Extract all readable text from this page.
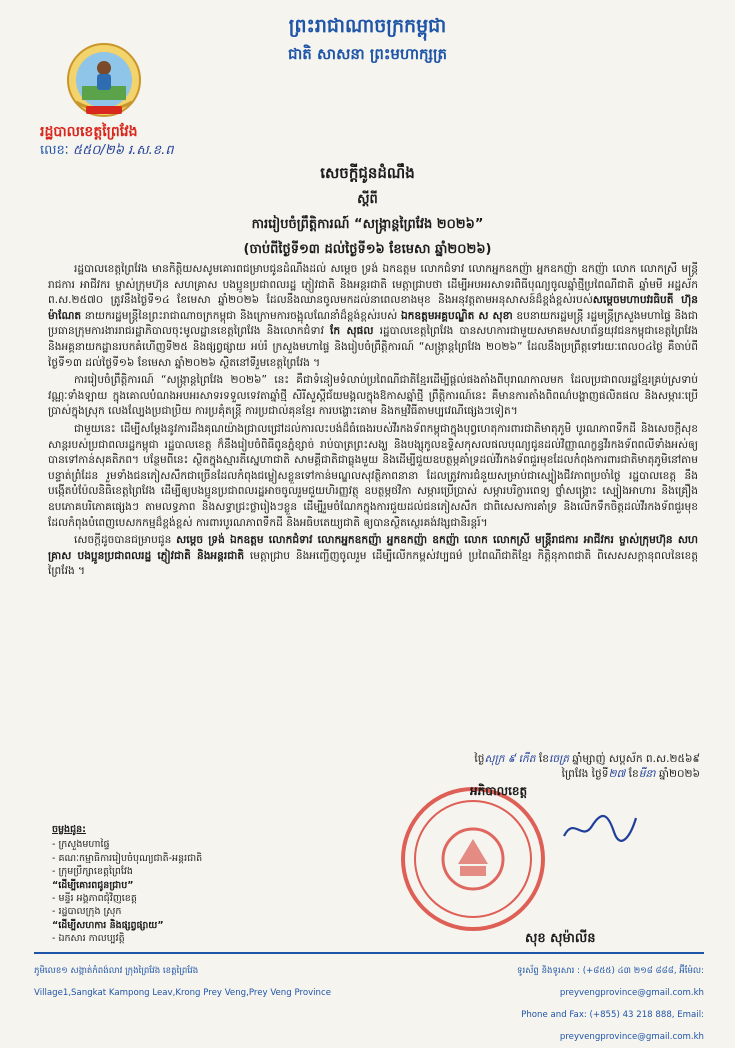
ព្រះរាជាណាចក្រកម្ពុជា
ជាតិ សាសនា ព្រះមហាក្សត្រ
រដ្ឋបាលខេត្តព្រៃវែង
លេខៈ ៥៥០/២៦ រ.ស.ខ.ព
សេចក្តីជូនដំណឹង
ស្តីពី
ការរៀបចំព្រឹត្តិការណ៍ “សង្ក្រាន្តព្រៃវែង ២០២៦”
(ចាប់ពីថ្ងៃទី១៣ ដល់ថ្ងៃទី១៦ ខែមេសា ឆ្នាំ២០២៦)

រដ្ឋបាលខេត្តព្រៃវែង មានកិត្តិយសសូមគោរពជម្រាបជូនដំណឹងដល់ សម្តេច ទ្រង់ ឯកឧត្តម លោកជំទាវ លោកអ្នកឧកញ៉ា អ្នកឧកញ៉ា ឧកញ៉ា លោក លោកស្រី មន្ត្រីរាជការ អាជីវករ ម្ចាស់ក្រុមហ៊ុន សហគ្រាស បងប្អូនប្រជាពលរដ្ឋ ភ្ញៀវជាតិ និងអន្តរជាតិ មេត្តាជ្រាបថា ដើម្បីអបអរសាទរពិធីបុណ្យចូលឆ្នាំថ្មីប្រពៃណីជាតិ ឆ្នាំមមី អដ្ឋស័ក ព.ស.២៥៧០ ត្រូវនឹងថ្ងៃទី១៤ ខែមេសា ឆ្នាំ២០២៦ ដែលនឹងឈានចូលមកដល់នាពេលខាងមុខ និងអនុវត្តតាមអនុសាសន៍ដ៏ខ្ពង់ខ្ពស់របស់សម្តេចមហាបវរធិបតី ហ៊ុន ម៉ាណែត នាយករដ្ឋមន្ត្រីនៃព្រះរាជាណាចក្រកម្ពុជា និងក្រោមការចង្អុលណែនាំដ៏ខ្ពង់ខ្ពស់របស់ ឯកឧត្តមអគ្គបណ្ឌិត ស សុខា ឧបនាយករដ្ឋមន្ត្រី រដ្ឋមន្ត្រីក្រសួងមហាផ្ទៃ និងជាប្រធានក្រុមការងាររាជរដ្ឋាភិបាលចុះមូលដ្ឋានខេត្តព្រៃវែង និងលោកជំទាវ កែ សុផល រដ្ឋបាលខេត្តព្រៃវែង បានសហការជាមួយសមាគមសហព័ន្ធយុវជនកម្ពុជាខេត្តព្រៃវែង និងអគ្គនាយកដ្ឋានរបកគំហើញទី២៥ និងផ្សព្វផ្សាយ អប់រំ ក្រសួងមហាផ្ទៃ និងរៀបចំព្រឹត្តិការណ៍ “សង្ក្រាន្តព្រៃវែង ២០២៦” ដែលនឹងប្រព្រឹត្តទៅរយៈពេល០៤ថ្ងៃ គឺចាប់ពីថ្ងៃទី១៣ ដល់ថ្ងៃទី១៦ ខែមេសា ឆ្នាំ២០២៦ ស្ថិតនៅទីរួមខេត្តព្រៃវែង ។

ការរៀបចំព្រឹត្តិការណ៍ “សង្ក្រាន្តព្រៃវែង ២០២៦” នេះ គឺជាទំនៀមទំលាប់ប្រពៃណីជាតិខ្មែរដើម្បីផ្តល់ផងតាំងពីបុរាណកាលមក ដែលប្រជាពលរដ្ឋខ្មែរគ្រប់ស្រទាប់វណ្ណៈទាំងឡាយ ក្នុងគោលបំណងអបអរសាទរទទួលទេវតាឆ្នាំថ្មី សិរីសួស្តីជ័យមង្គលក្នុងឱកាសឆ្នាំថ្មី ព្រឹត្តិការណ៍នេះ គឺមានការតាំងពិពណ៌បង្ហាញផលិតផល និងសម្ភារៈប្រើប្រាស់ក្នុងស្រុក លេងល្បែងប្រជាប្រិយ ការប្រគុំតន្ត្រី ការប្រជាល់គុនខ្មែរ ការបង្ហោះគោម និងកម្មវិធីតាមប្បវេណីផ្សេងៗទៀត។

ជាមួយនេះ ដើម្បីសម្តែងនូវការដឹងគុណយ៉ាងជ្រាលជ្រៅដល់ការលះបង់ដ៏ធំធេងរបស់វីរកងទ័ពកម្ពុជាក្នុងបុព្វហេតុការពារជាតិមាតុភូមិ បូរណភាពទឹកដី និងសេចក្តីសុខសាន្តរបស់ប្រជាពលរដ្ឋកម្ពុជា រដ្ឋបាលខេត្ត ក៏នឹងរៀបចំពិធីពូនភ្នំខ្សាច់ រាប់បាត្រព្រះសង្ឃ និងបង្សុកូលឧទ្ទិសកុសលផលបុណ្យជូនដល់វិញ្ញាណក្ខន្ធវីរកងទ័ពពលីទាំងអស់ឲ្យបានទៅកាន់សុគតិភព។ បន្ថែមពីនេះ ស្ថិតក្នុងស្មារតីស្នេហាជាតិ សាមគ្គីជាតិជាធ្លុងមួយ និងដើម្បីជួយឧបត្ថម្ភគាំទ្រដល់វីរកងទ័ពជួរមុខដែលកំពុងការពារជាតិមាតុភូមិនៅតាមបន្ទាត់ព្រំដែន រួមទាំងជនភៀសសឹកជាច្រើនដែលកំពុងជម្លៀសខ្លួនទៅកាន់មណ្ឌលសុវត្ថិភាពនានា ដែលត្រូវការជំនួយសម្រាប់ជាស្បៀងជីវភាពប្រចាំថ្ងៃ រដ្ឋបាលខេត្ត នឹងបង្កើតបំប៉ែលនិធិខេត្តព្រៃវែង ដើម្បីឲ្យបងប្អូនប្រជាពលរដ្ឋអាចចូលរួមជួយហិរញ្ញវត្ថុ ឧបត្ថម្ភថវិកា សម្ភារប្រើប្រាស់ សម្ភារបរិក្ខារពេទ្យ ថ្នាំសង្គ្រោះ ស្បៀងអាហារ និងគ្រឿងឧបភោគបរិភោគផ្សេងៗ តាមលទ្ធភាព និងសទ្ធាជ្រះថ្លារៀងៗខ្លួន ដើម្បីរួមចំណែកក្នុងការជួយដល់ជនភៀសសឹក ជាពិសេសការគាំទ្រ និងលើកទឹកចិត្តដល់វីរកងទ័ពជួរមុខ ដែលកំពុងបំពេញបេសកកម្មដ៏ខ្ពង់ខ្ពស់ ការពារបូរណភាពទឹកដី និងអធិបតេយ្យជាតិ ឲ្យបានស្ថិតស្ថេរគង់វង្សជានិរន្តរ៍។

សេចក្តីដូចបានជម្រាបជូន សម្តេច ទ្រង់ ឯកឧត្តម លោកជំទាវ លោកអ្នកឧកញ៉ា អ្នកឧកញ៉ា ឧកញ៉ា លោក លោកស្រី មន្ត្រីរាជការ អាជីវករ ម្ចាស់ក្រុមហ៊ុន សហគ្រាស បងប្អូនប្រជាពលរដ្ឋ ភ្ញៀវជាតិ និងអន្តរជាតិ មេត្តាជ្រាប និងអញ្ជើញចូលរួម ដើម្បីលើកកម្ពស់វប្បធម៌ ប្រពៃណីជាតិខ្មែរ កិត្តិនុភាពជាតិ ពិសេសសក្តានុពលនៃខេត្តព្រៃវែង ។

ថ្ងៃសុក្រ ៩ កើត ខែចេត្រ ឆ្នាំម្សាញ់ សប្តស័ក ព.ស.២៥៦៩
ព្រៃវែង ថ្ងៃទី២៧ ខែមីនា ឆ្នាំ២០២៦
អភិបាលខេត្ត
សុខ សុម៉ាលីន
ចម្លងជូន:
- ក្រសួងមហាផ្ទៃ
- គណៈកម្មាធិការរៀបចំបុណ្យជាតិ-អន្តរជាតិ
- ក្រុមប្រឹក្សាខេត្តព្រៃវែង
“ដើម្បីគោរពជូនជ្រាប”
- មន្ទីរ អង្គភាពជុំវិញខេត្ត
- រដ្ឋបាលក្រុង ស្រុក
“ដើម្បីសហការ និងផ្សព្វផ្សាយ”
- ឯកសារ កាលប្បវត្តិ
ភូមិលេខ១ សង្កាត់កំពង់លាវ ក្រុងព្រៃវែង ខេត្តព្រៃវែង
Village1,Sangkat Kampong Leav,Krong Prey Veng,Prey Veng Province
ទូរស័ព្ទ និងទូរសារ : (+៨៥៥) ៤៣ ២១៨ ៨៨៨, អ៊ីម៉ែល: preyvengprovince@gmail.com.kh
Phone and Fax: (+855) 43 218 888, Email: preyvengprovince@gmail.com.kh
